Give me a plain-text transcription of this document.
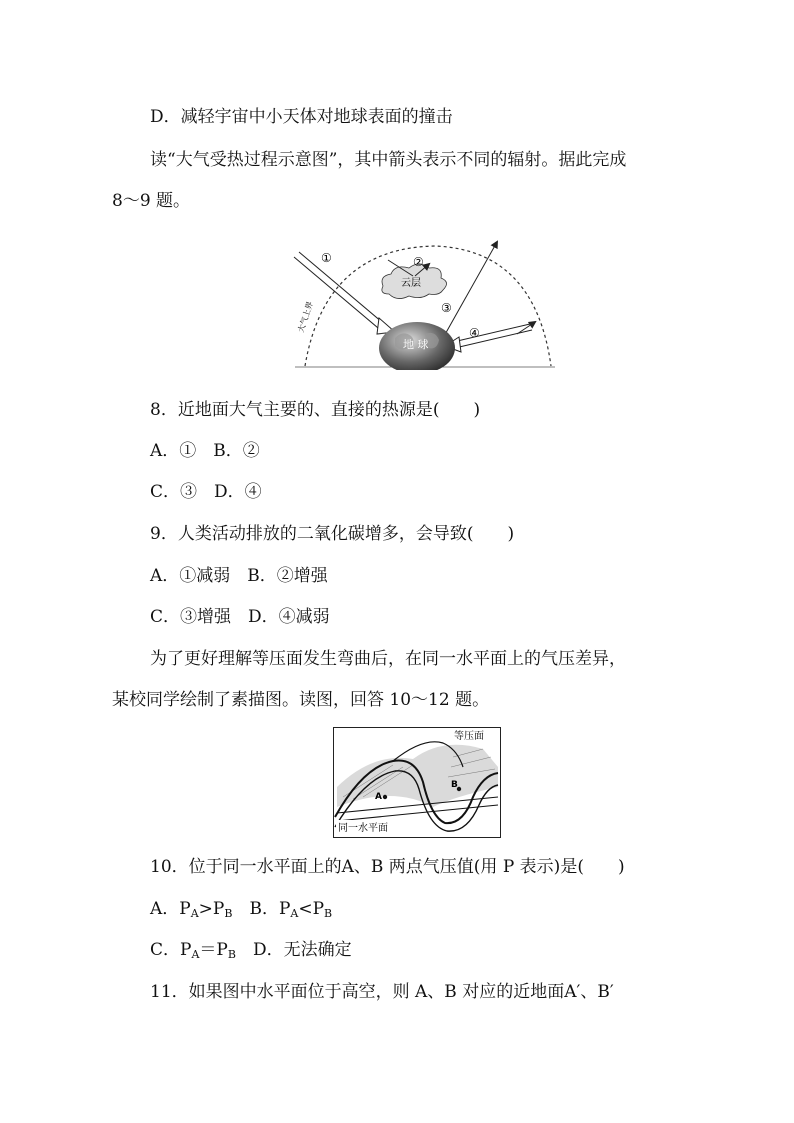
D．减轻宇宙中小天体对地球表面的撞击
读“大气受热过程示意图”，其中箭头表示不同的辐射。据此完成
8～9 题。
①
云层
②
③
④
地 球
大气上界
8．近地面大气主要的、直接的热源是(　　)
A．①　B．②
C．③　D．④
9．人类活动排放的二氧化碳增多，会导致(　　)
A．①减弱　B．②增强
C．③增强　D．④减弱
为了更好理解等压面发生弯曲后，在同一水平面上的气压差异，
某校同学绘制了素描图。读图，回答 10～12 题。
A
B
等压面
同一水平面
10．位于同一水平面上的A、B 两点气压值(用 P 表示)是(　　)
A．$P_A>P_B$　B．$P_A<P_B$
C．$P_A=P_B$　D．无法确定
11．如果图中水平面位于高空，则 A、B 对应的近地面A′、B′
